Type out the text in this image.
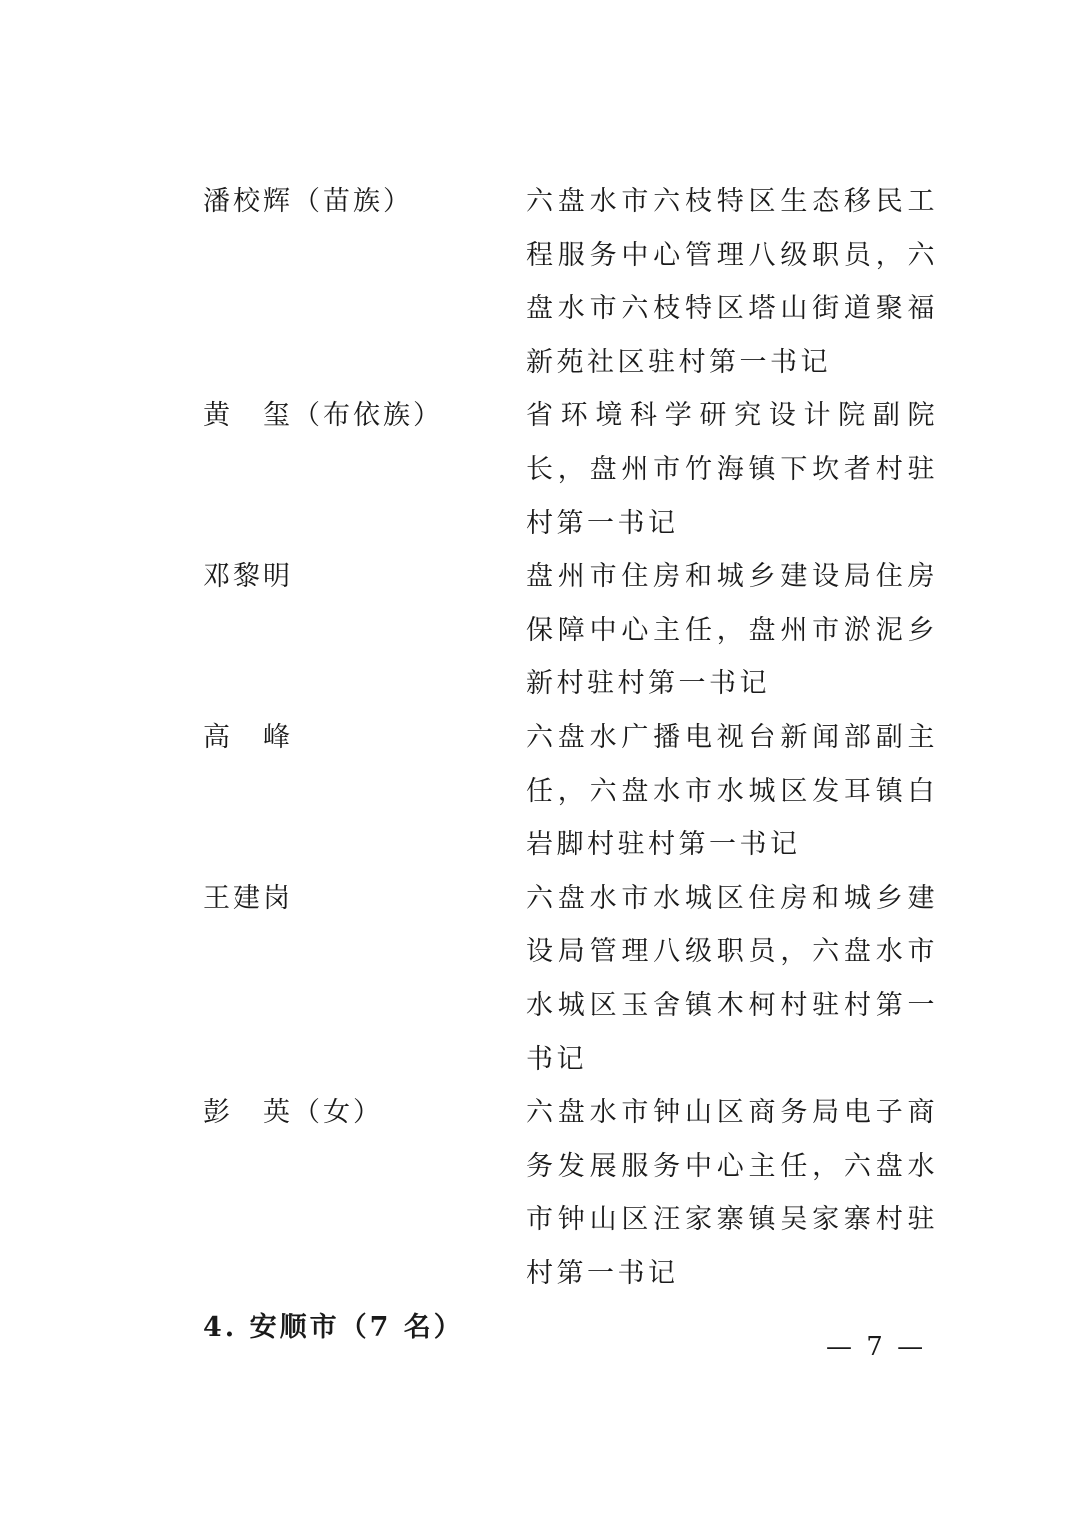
潘校辉（苗族）	六盘水市六枝特区生态移民工程服务中心管理八级职员，六盘水市六枝特区塔山街道聚福新苑社区驻村第一书记
黄　玺（布依族）	省环境科学研究设计院副院长，盘州市竹海镇下坎者村驻村第一书记
邓黎明	盘州市住房和城乡建设局住房保障中心主任，盘州市淤泥乡新村驻村第一书记
高　峰	六盘水广播电视台新闻部副主任，六盘水市水城区发耳镇白岩脚村驻村第一书记
王建岗	六盘水市水城区住房和城乡建设局管理八级职员，六盘水市水城区玉舍镇木柯村驻村第一书记
彭　英（女）	六盘水市钟山区商务局电子商务发展服务中心主任，六盘水市钟山区汪家寨镇吴家寨村驻村第一书记
4. 安顺市（7 名）
— 7 —
